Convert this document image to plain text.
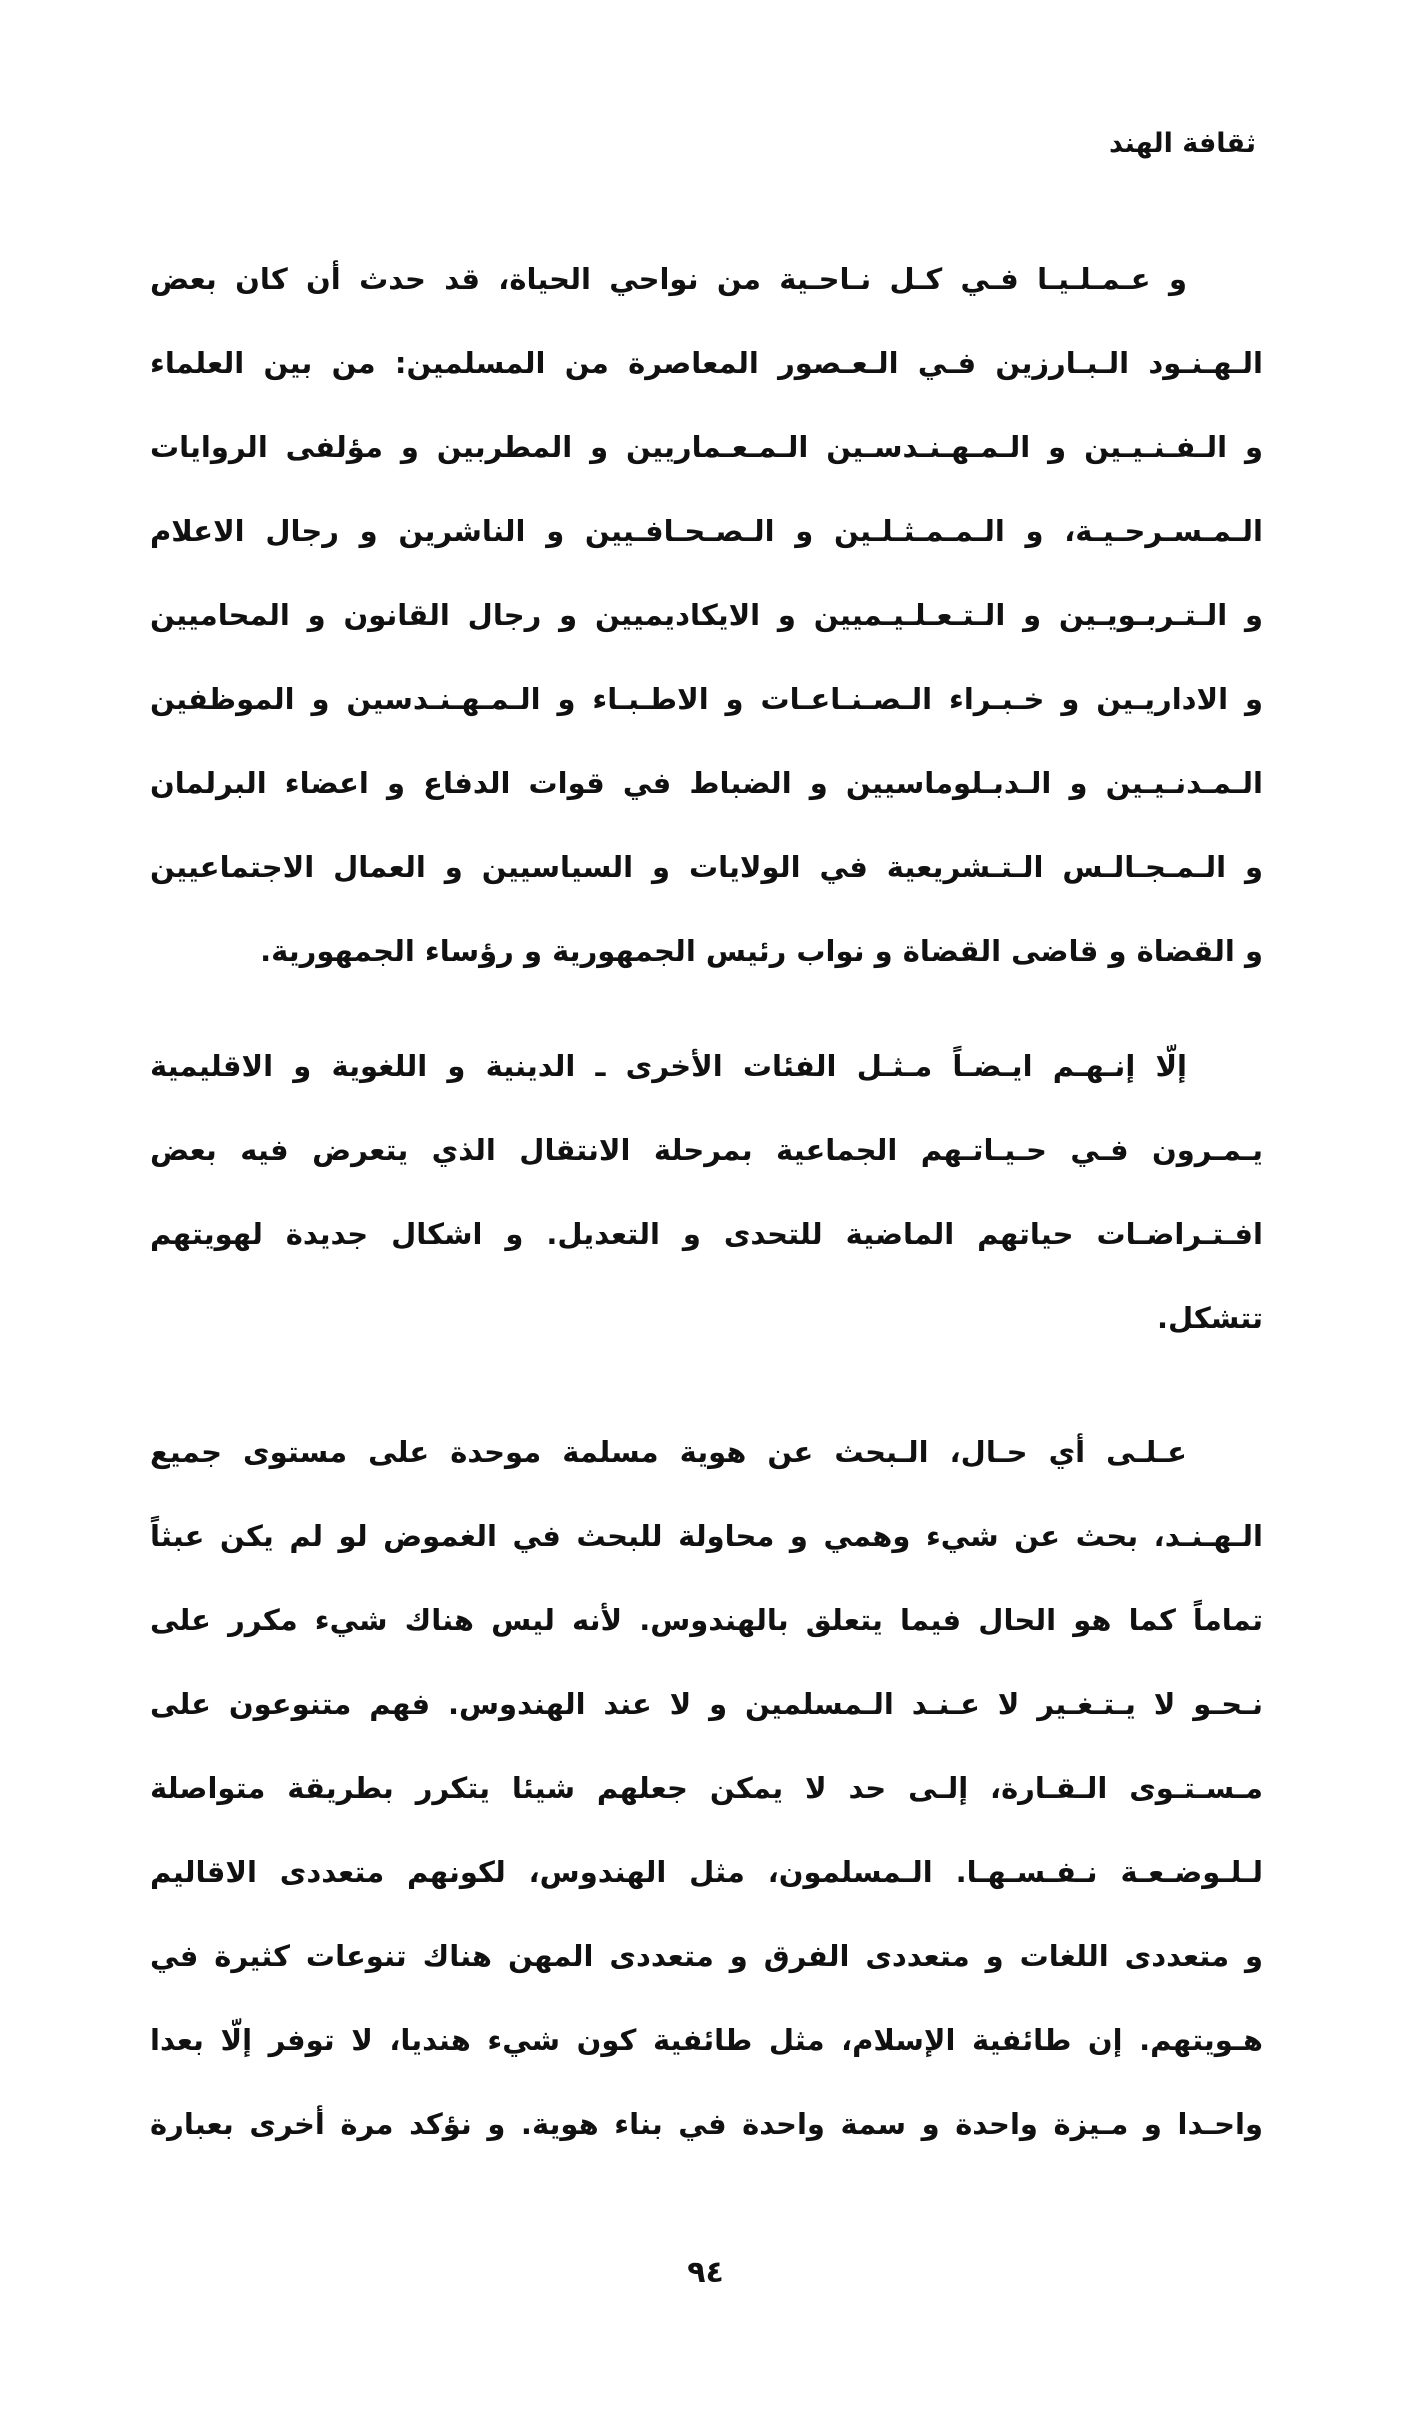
ثقافة الهند
و عـمـلـيـا فـي كـل نـاحـية من نواحي الحياة، قد حدث أن كان بعض
الـهـنـود الـبـارزين فـي الـعـصور المعاصرة من المسلمين: من بين العلماء
و الـفـنـيـين و الـمـهـنـدسـين الـمـعـماريين و المطربين و مؤلفى الروايات
الـمـسـرحـيـة، و الـمـمـثـلـين و الـصـحـافـيين و الناشرين و رجال الاعلام
و الـتـربـويـين و الـتـعـلـيـميين و الايكاديميين و رجال القانون و المحاميين
و الاداريـين و خـبـراء الـصـنـاعـات و الاطـبـاء و الـمـهـنـدسين و الموظفين
الـمـدنـيـين و الـدبـلوماسيين و الضباط في قوات الدفاع و اعضاء البرلمان
و الـمـجـالـس الـتـشريعية في الولايات و السياسيين و العمال الاجتماعيين
و القضاة و قاضى القضاة و نواب رئيس الجمهورية و رؤساء الجمهورية.
إلّا إنـهـم ايـضـاً مـثـل الفئات الأخرى ـ الدينية و اللغوية و الاقليمية
يـمـرون فـي حـيـاتـهم الجماعية بمرحلة الانتقال الذي يتعرض فيه بعض
افـتـراضـات حياتهم الماضية للتحدى و التعديل. و اشكال جديدة لهويتهم
تتشكل.
عـلـى أي حـال، الـبحث عن هوية مسلمة موحدة على مستوى جميع
الـهـنـد، بحث عن شيء وهمي و محاولة للبحث في الغموض لو لم يكن عبثاً
تماماً كما هو الحال فيما يتعلق بالهندوس. لأنه ليس هناك شيء مكرر على
نـحـو لا يـتـغـير لا عـنـد الـمسلمين و لا عند الهندوس. فهم متنوعون على
مـسـتـوى الـقـارة، إلـى حد لا يمكن جعلهم شيئا يتكرر بطريقة متواصلة
لـلـوضـعـة نـفـسـهـا. الـمسلمون، مثل الهندوس، لكونهم متعددى الاقاليم
و متعددى اللغات و متعددى الفرق و متعددى المهن هناك تنوعات كثيرة في
هـويتهم. إن طائفية الإسلام، مثل طائفية كون شيء هنديا، لا توفر إلّا بعدا
واحـدا و مـيزة واحدة و سمة واحدة في بناء هوية. و نؤكد مرة أخرى بعبارة
٩٤
